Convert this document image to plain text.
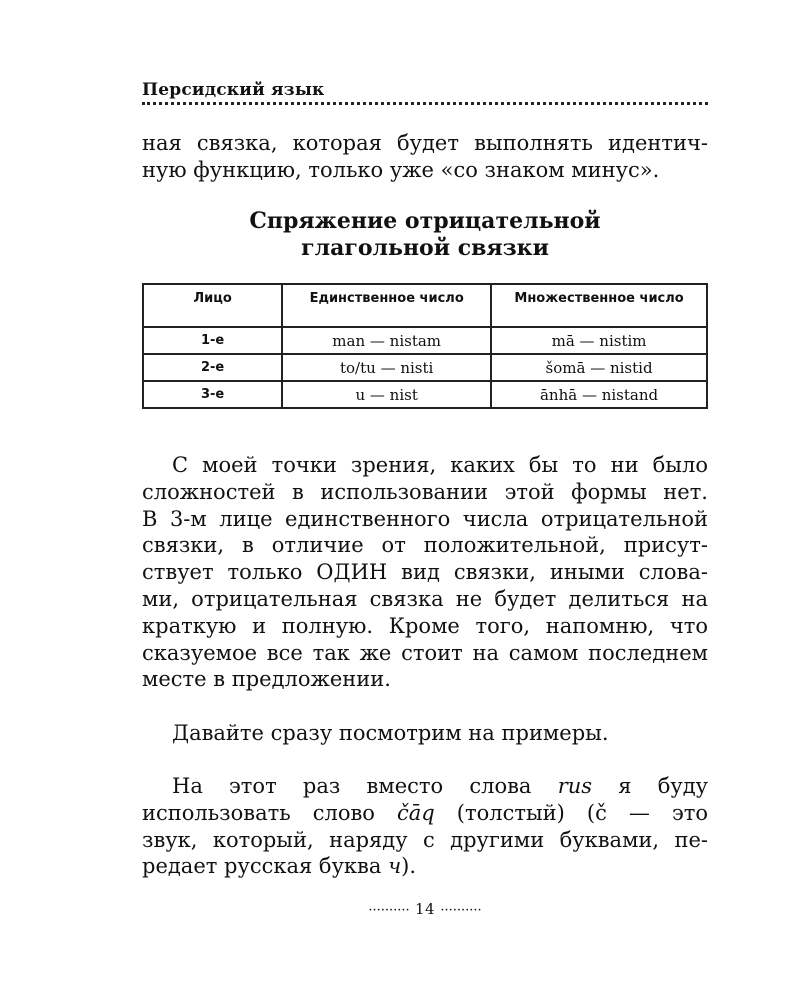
Персидский язык
ная связка, которая будет выполнять идентич-
ную функцию, только уже «со знаком минус».
Спряжение отрицательной
глагольной связки
Лицо	Единственное число	Множественное число
1-е	man — nistam	mā — nistim
2-е	to/tu — nisti	šomā — nistid
3-е	u — nist	ānhā — nistand
С моей точки зрения, каких бы то ни было
сложностей в использовании этой формы нет.
В 3-м лице единственного числа отрицательной
связки, в отличие от положительной, присут-
ствует только ОДИН вид связки, иными слова-
ми, отрицательная связка не будет делиться на
краткую и полную. Кроме того, напомню, что
сказуемое все так же стоит на самом последнем
месте в предложении.
Давайте сразу посмотрим на примеры.
На этот раз вместо слова rus я буду
использовать слово čāq (толстый) (č — это
звук, который, наряду с другими буквами, пе-
редает русская буква ч).
·········· 14 ··········
